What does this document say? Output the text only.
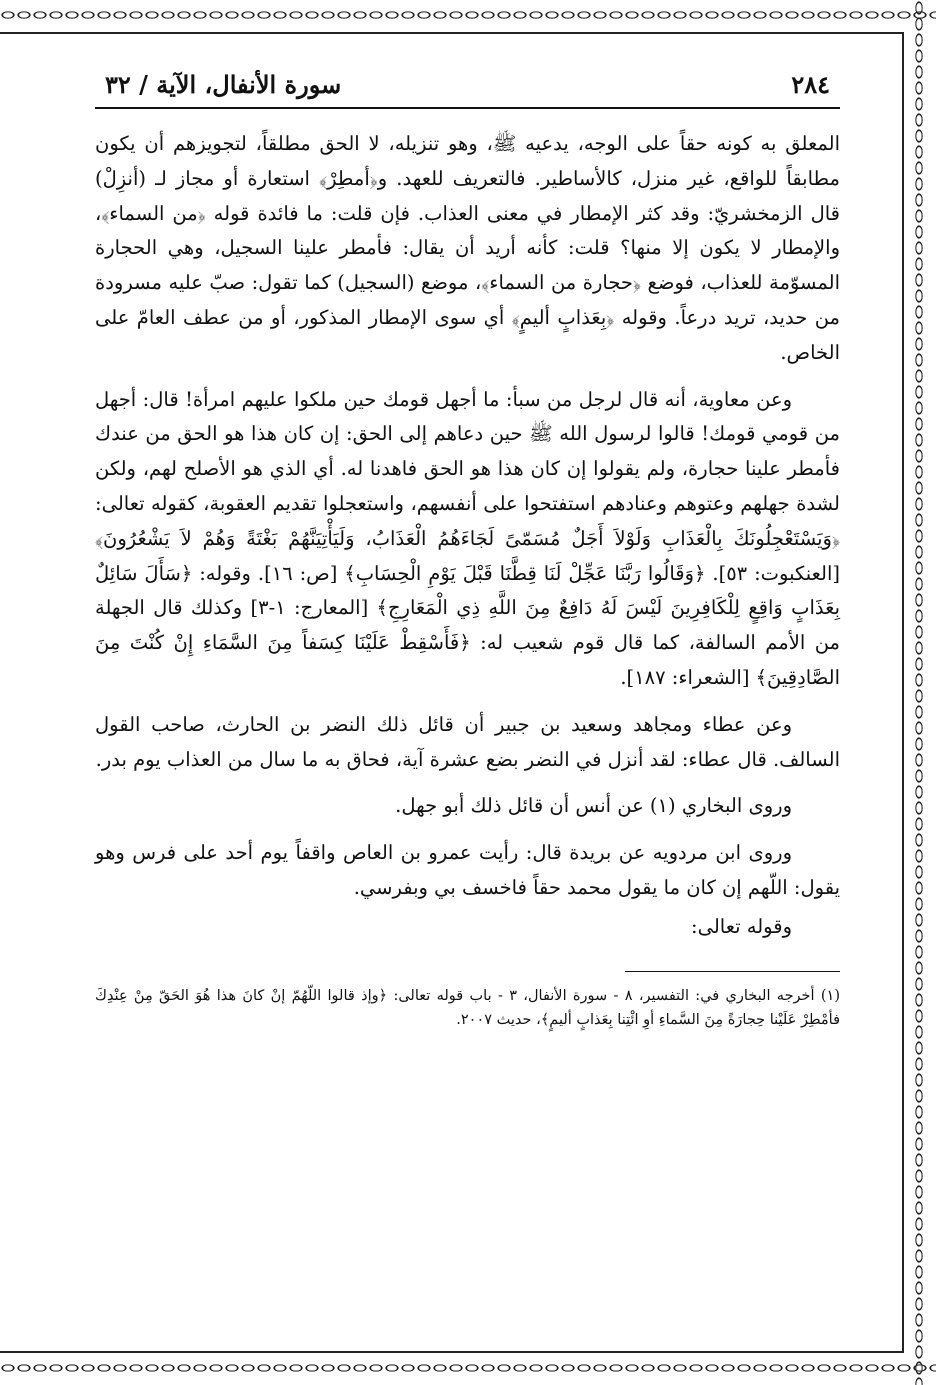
٢٨٤
سورة الأنفال، الآية / ٣٢

المعلق به كونه حقاً على الوجه، يدعيه ﷺ، وهو تنزيله، لا الحق مطلقاً، لتجويزهم أن يكون مطابقاً للواقع، غير منزل، كالأساطير. فالتعريف للعهد. و﴿أمطِرْ﴾ استعارة أو مجاز لـ (أنزِلْ) قال الزمخشريّ: وقد كثر الإمطار في معنى العذاب. فإن قلت: ما فائدة قوله ﴿من السماء﴾، والإمطار لا يكون إلا منها؟ قلت: كأنه أريد أن يقال: فأمطر علينا السجيل، وهي الحجارة المسوّمة للعذاب، فوضع ﴿حجارة من السماء﴾، موضع (السجيل) كما تقول: صبّ عليه مسرودة من حديد، تريد درعاً. وقوله ﴿بِعَذابٍ أليمٍ﴾ أي سوى الإمطار المذكور، أو من عطف العامّ على الخاص.

وعن معاوية، أنه قال لرجل من سبأ: ما أجهل قومك حين ملكوا عليهم امرأة! قال: أجهل من قومي قومك! قالوا لرسول الله ﷺ حين دعاهم إلى الحق: إن كان هذا هو الحق من عندك فأمطر علينا حجارة، ولم يقولوا إن كان هذا هو الحق فاهدنا له. أي الذي هو الأصلح لهم، ولكن لشدة جهلهم وعتوهم وعنادهم استفتحوا على أنفسهم، واستعجلوا تقديم العقوبة، كقوله تعالى: ﴿وَيَسْتَعْجِلُونَكَ بِالْعَذَابِ وَلَوْلاَ أَجَلٌ مُسَمّىً لَجَاءَهُمُ الْعَذَابُ، وَلَيَأْتِيَنَّهُمْ بَغْتَةً وَهُمْ لاَ يَشْعُرُونَ﴾ [العنكبوت: ٥٣]. ﴿وَقَالُوا رَبَّنَا عَجِّلْ لَنَا قِطَّنَا قَبْلَ يَوْمِ الْحِسَابِ﴾ [ص: ١٦]. وقوله: ﴿سَأَلَ سَائِلٌ بِعَذَابٍ وَاقِعٍ لِلْكَافِرِينَ لَيْسَ لَهُ دَافِعٌ مِنَ اللَّهِ ذِي الْمَعَارِجِ﴾ [المعارج: ١-٣] وكذلك قال الجهلة من الأمم السالفة، كما قال قوم شعيب له: ﴿فَأَسْقِطْ عَلَيْنَا كِسَفاً مِنَ السَّمَاءِ إِنْ كُنْتَ مِنَ الصَّادِقِينَ﴾ [الشعراء: ١٨٧].

وعن عطاء ومجاهد وسعيد بن جبير أن قائل ذلك النضر بن الحارث، صاحب القول السالف. قال عطاء: لقد أنزل في النضر بضع عشرة آية، فحاق به ما سال من العذاب يوم بدر.

وروى البخاري (١) عن أنس أن قائل ذلك أبو جهل.

وروى ابن مردويه عن بريدة قال: رأيت عمرو بن العاص واقفاً يوم أحد على فرس وهو يقول: اللّهم إن كان ما يقول محمد حقاً فاخسف بي وبفرسي.

وقوله تعالى:

(١) أخرجه البخاري في: التفسير، ٨ - سورة الأنفال، ٣ - باب قوله تعالى: ﴿وإذ قالوا اللّهُمّ إنْ كانَ هذا هُوَ الحَقّ مِنْ عِنْدِكَ فأمْطِرْ عَلَيْنا حِجارَةً مِنَ السَّماءِ أوِ ائْتِنا بِعَذابٍ أليمٍ﴾، حديث ٢٠٠٧.
